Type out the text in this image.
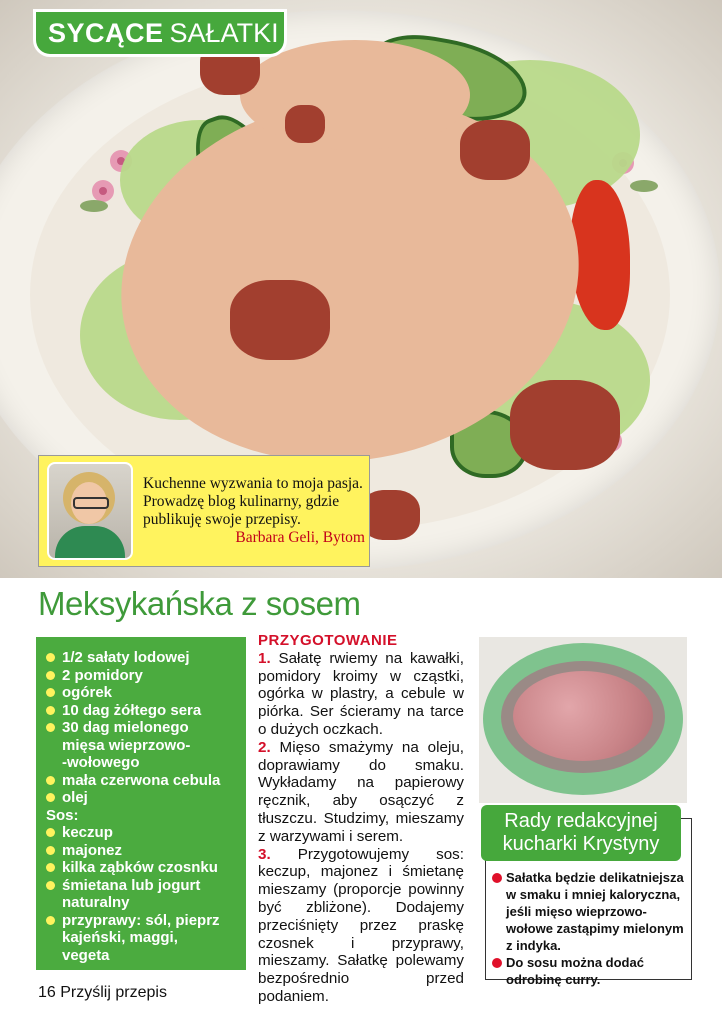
SYCĄCE SAŁATKI
Kuchenne wyzwania to moja pasja. Prowadzę blog kulinarny, gdzie publikuję swoje przepisy.
Barbara Geli, Bytom
Meksykańska z sosem
1/2 sałaty lodowej
2 pomidory
ogórek
10 dag żółtego sera
30 dag mielonego
mięsa wieprzowo-
-wołowego
mała czerwona cebula
olej
Sos:
keczup
majonez
kilka ząbków czosnku
śmietana lub jogurt
naturalny
przyprawy: sól, pieprz
kajeński, maggi,
vegeta
PRZYGOTOWANIE
1. Sałatę rwiemy na kawałki, pomidory kroimy w cząstki, ogórka w plastry, a cebule w piórka. Ser ścieramy na tarce o dużych oczkach.
2. Mięso smażymy na oleju, doprawiamy do smaku. Wykładamy na papierowy ręcznik, aby osączyć z tłuszczu. Studzimy, mieszamy z warzywami i serem.
3. Przygotowujemy sos: keczup, majonez i śmietanę mieszamy (proporcje powinny być zbliżone). Dodajemy przeciśnięty przez praskę czosnek i przyprawy, mieszamy. Sałatkę polewamy bezpośrednio przed podaniem.
Rady redakcyjnej
kucharki Krystyny
Sałatka będzie delikatniejsza w smaku i mniej kaloryczna, jeśli mięso wieprzowo-wołowe zastąpimy mielonym z indyka.
Do sosu można dodać odrobinę curry.
16 Przyślij przepis
